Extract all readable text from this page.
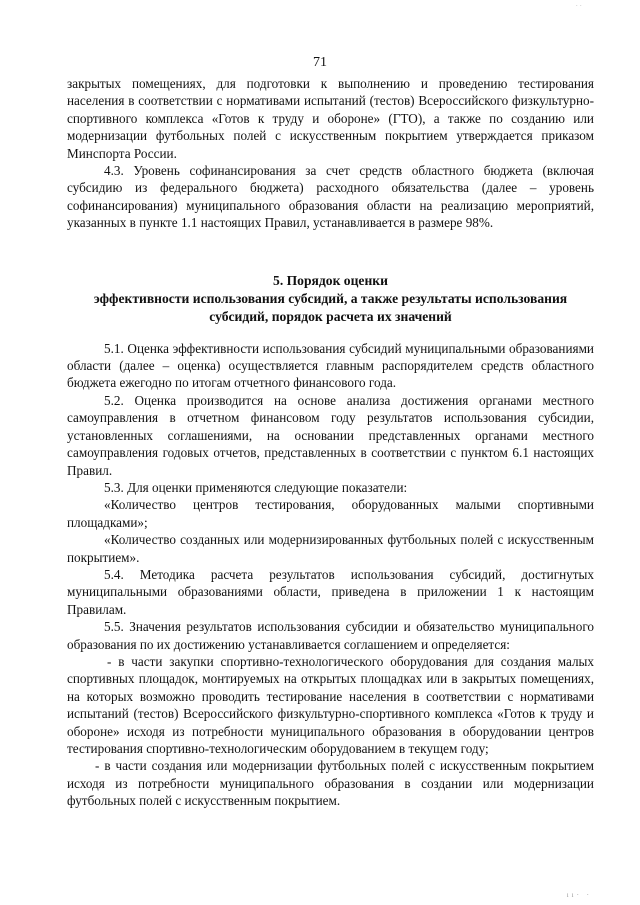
· ·
71

закрытых помещениях, для подготовки к выполнению и проведению тестирования населения в соответствии с нормативами испытаний (тестов) Всероссийского физкультурно-спортивного комплекса «Готов к труду и обороне» (ГТО), а также по созданию или модернизации футбольных полей с искусственным покрытием утверждается приказом Минспорта России.

4.3. Уровень софинансирования за счет средств областного бюджета (включая субсидию из федерального бюджета) расходного обязательства (далее – уровень софинансирования) муниципального образования области на реализацию мероприятий, указанных в пункте 1.1 настоящих Правил, устанавливается в размере 98%.

5. Порядок оценки
эффективности использования субсидий, а также результаты использования
субсидий, порядок расчета их значений

5.1. Оценка эффективности использования субсидий муниципальными образованиями области (далее – оценка) осуществляется главным распорядителем средств областного бюджета ежегодно по итогам отчетного финансового года.

5.2. Оценка производится на основе анализа достижения органами местного самоуправления в отчетном финансовом году результатов использования субсидии, установленных соглашениями, на основании представленных органами местного самоуправления годовых отчетов, представленных в соответствии с пунктом 6.1 настоящих Правил.

5.3. Для оценки применяются следующие показатели:

«Количество центров тестирования, оборудованных малыми спортивными площадками»;

«Количество созданных или модернизированных футбольных полей с искусственным покрытием».

5.4. Методика расчета результатов использования субсидий, достигнутых муниципальными образованиями области, приведена в приложении 1 к настоящим Правилам.

5.5. Значения результатов использования субсидии и обязательство муниципального образования по их достижению устанавливается соглашением и определяется:

- в части закупки спортивно-технологического оборудования для создания малых спортивных площадок, монтируемых на открытых площадках или в закрытых помещениях, на которых возможно проводить тестирование населения в соответствии с нормативами испытаний (тестов) Всероссийского физкультурно-спортивного комплекса «Готов к труду и обороне» исходя из потребности муниципального образования в оборудовании центров тестирования спортивно-технологическим оборудованием в текущем году;

- в части создания или модернизации футбольных полей с искусственным покрытием исходя из потребности муниципального образования в создании или модернизации футбольных полей с искусственным покрытием.

ıı· ·
